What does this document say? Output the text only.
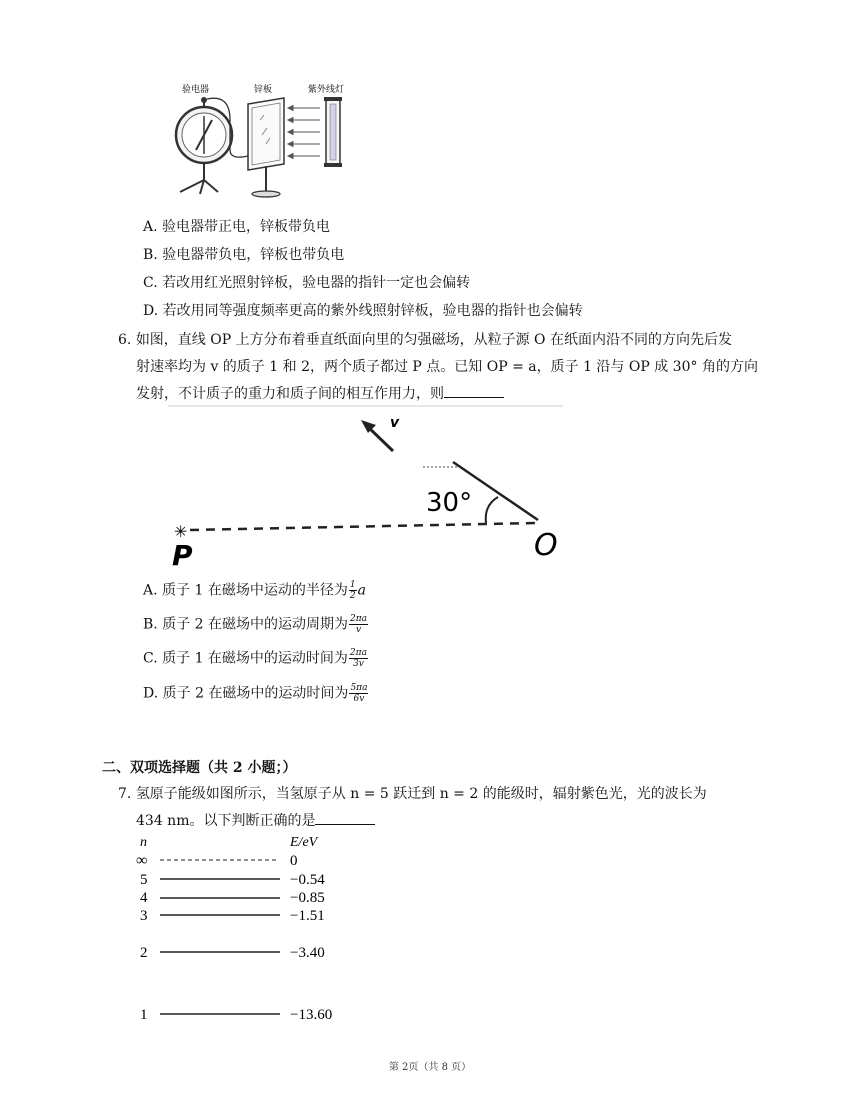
验电器	锌板	紫外线灯
A. 验电器带正电，锌板带负电
B. 验电器带负电，锌板也带负电
C. 若改用红光照射锌板，验电器的指针一定也会偏转
D. 若改用同等强度频率更高的紫外线照射锌板，验电器的指针也会偏转
6. 如图，直线 OP 上方分布着垂直纸面向里的匀强磁场，从粒子源 O 在纸面内沿不同的方向先后发
射速率均为 v 的质子 1 和 2，两个质子都过 P 点。已知 OP = a，质子 1 沿与 OP 成 30° 角的方向
发射，不计质子的重力和质子间的相互作用力，则
v
30°
✳
P	O
A. 质子 1 在磁场中运动的半径为 $\frac{1}{2}$ a
B. 质子 2 在磁场中的运动周期为 $\frac{2\pi a}{v}$
C. 质子 1 在磁场中的运动时间为 $\frac{2\pi a}{3v}$
D. 质子 2 在磁场中的运动时间为 $\frac{5\pi a}{6v}$
二、双项选择题（共 2 小题；）
7. 氢原子能级如图所示，当氢原子从 n = 5 跃迁到 n = 2 的能级时，辐射紫色光，光的波长为
434 nm。以下判断正确的是
n	E/eV
∞	0
5	−0.54
4	−0.85
3	−1.51
2	−3.40
1	−13.60
第 2页（共 8 页）
